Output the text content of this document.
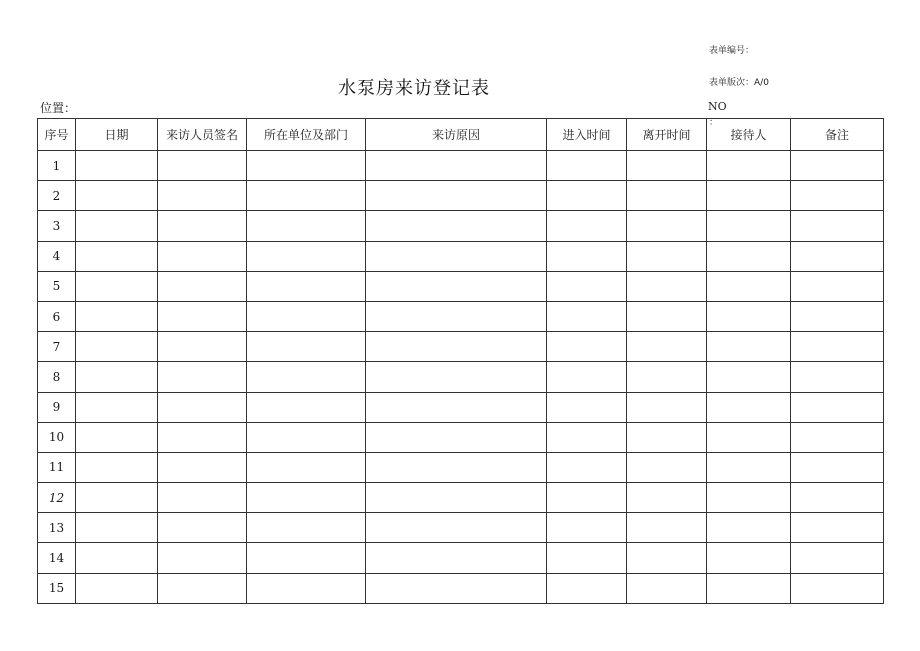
表单编号：
表单版次：A/0
水泵房来访登记表
位置：	NO
：
序号	日期	来访人员签名	所在单位及部门	来访原因	进入时间	离开时间	接待人	备注
1								
2								
3								
4								
5								
6								
7								
8								
9								
10								
11								
12								
13								
14								
15								
